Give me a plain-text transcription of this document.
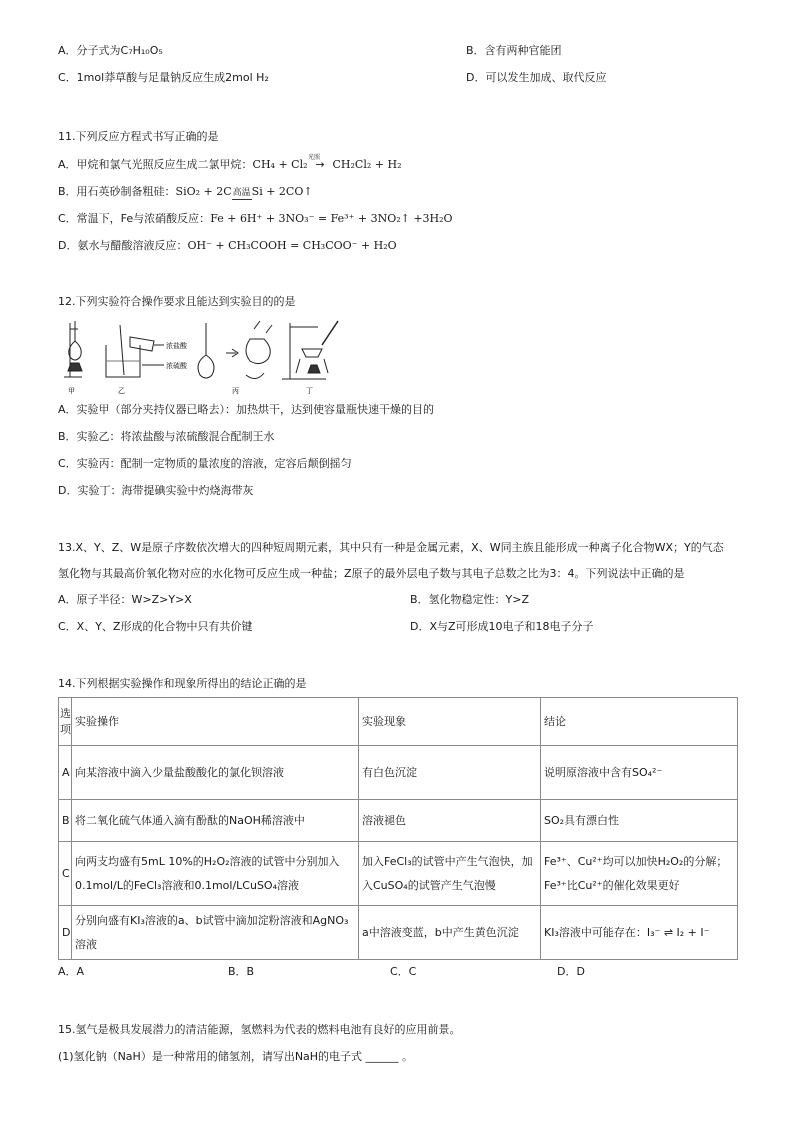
A．分子式为C₇H₁₀O₅	B．含有两种官能团
C．1mol莽草酸与足量钠反应生成2mol H₂	D．可以发生加成、取代反应
11.下列反应方程式书写正确的是
A．甲烷和氯气光照反应生成二氯甲烷：CH₄ + Cl₂
光照
→ CH₂Cl₂ + H₂
B．用石英砂制备粗硅：SiO₂ + 2C高温Si + 2CO↑
C．常温下，Fe与浓硝酸反应：Fe + 6H⁺ + 3NO₃⁻ = Fe³⁺ + 3NO₂↑ +3H₂O
D．氨水与醋酸溶液反应：OH⁻ + CH₃COOH = CH₃COO⁻ + H₂O
12.下列实验符合操作要求且能达到实验目的的是
浓盐酸
浓硫酸
甲	乙	丙	丁
A．实验甲（部分夹持仪器已略去）：加热烘干，达到使容量瓶快速干燥的目的
B．实验乙：将浓盐酸与浓硫酸混合配制王水
C．实验丙：配制一定物质的量浓度的溶液，定容后颠倒摇匀
D．实验丁：海带提碘实验中灼烧海带灰
13.X、Y、Z、W是原子序数依次增大的四种短周期元素，其中只有一种是金属元素，X、W同主族且能形成一种离子化合物WX；Y的气态
氢化物与其最高价氧化物对应的水化物可反应生成一种盐；Z原子的最外层电子数与其电子总数之比为3：4。下列说法中正确的是
A．原子半径：W>Z>Y>X	B．氢化物稳定性：Y>Z
C．X、Y、Z形成的化合物中只有共价键	D．X与Z可形成10电子和18电子分子
14.下列根据实验操作和现象所得出的结论正确的是
选项	实验操作	实验现象	结论
A	向某溶液中滴入少量盐酸酸化的氯化钡溶液	有白色沉淀	说明原溶液中含有SO₄²⁻
B	将二氧化硫气体通入滴有酚酞的NaOH稀溶液中	溶液褪色	SO₂具有漂白性
C	向两支均盛有5mL 10%的H₂O₂溶液的试管中分别加入0.1mol/L的FeCl₃溶液和0.1mol/LCuSO₄溶液	加入FeCl₃的试管中产生气泡快，加入CuSO₄的试管产生气泡慢	Fe³⁺、Cu²⁺均可以加快H₂O₂的分解；Fe³⁺比Cu²⁺的催化效果更好
D	分别向盛有KI₃溶液的a、b试管中滴加淀粉溶液和AgNO₃溶液	a中溶液变蓝，b中产生黄色沉淀	KI₃溶液中可能存在：I₃⁻ ⇌ I₂ + I⁻
A．A	B．B	C．C	D．D
15.氢气是极具发展潜力的清洁能源，氢燃料为代表的燃料电池有良好的应用前景。
(1)氢化钠（NaH）是一种常用的储氢剂，请写出NaH的电子式 ______ 。
